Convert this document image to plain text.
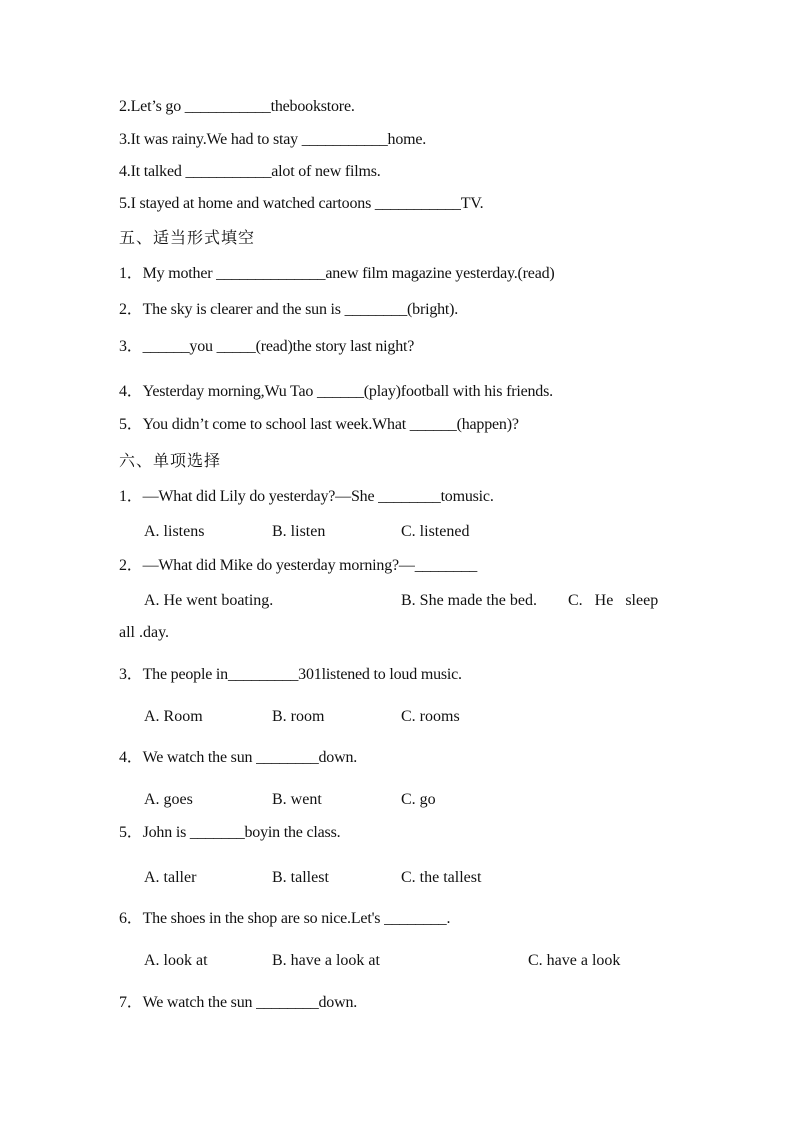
2.Let’s go ___________thebookstore.
3.It was rainy.We had to stay ___________home.
4.It talked ___________alot of new films.
5.I stayed at home and watched cartoons ___________TV.
五、适当形式填空
1．My mother ______________anew film magazine yesterday.(read)
2．The sky is clearer and the sun is ________(bright).
3．______you _____(read)the story last night?
4．Yesterday morning,Wu Tao ______(play)football with his friends.
5．You didn’t come to school last week.What ______(happen)?
六、单项选择
1．—What did Lily do yesterday?—She ________tomusic.
A. listens	B. listen	C. listened
2．—What did Mike do yesterday morning?—________
A. He went boating.	B. She made the bed. C.   He   sleep
all .day.
3．The people in_________301listened to loud music.
A. Room	B. room	C. rooms
4．We watch the sun ________down.
A. goes	B. went	C. go
5．John is _______boyin the class.
A. taller	B. tallest	C. the tallest
6．The shoes in the shop are so nice.Let's ________.
A. look at	B. have a look at	C. have a look
7．We watch the sun ________down.
